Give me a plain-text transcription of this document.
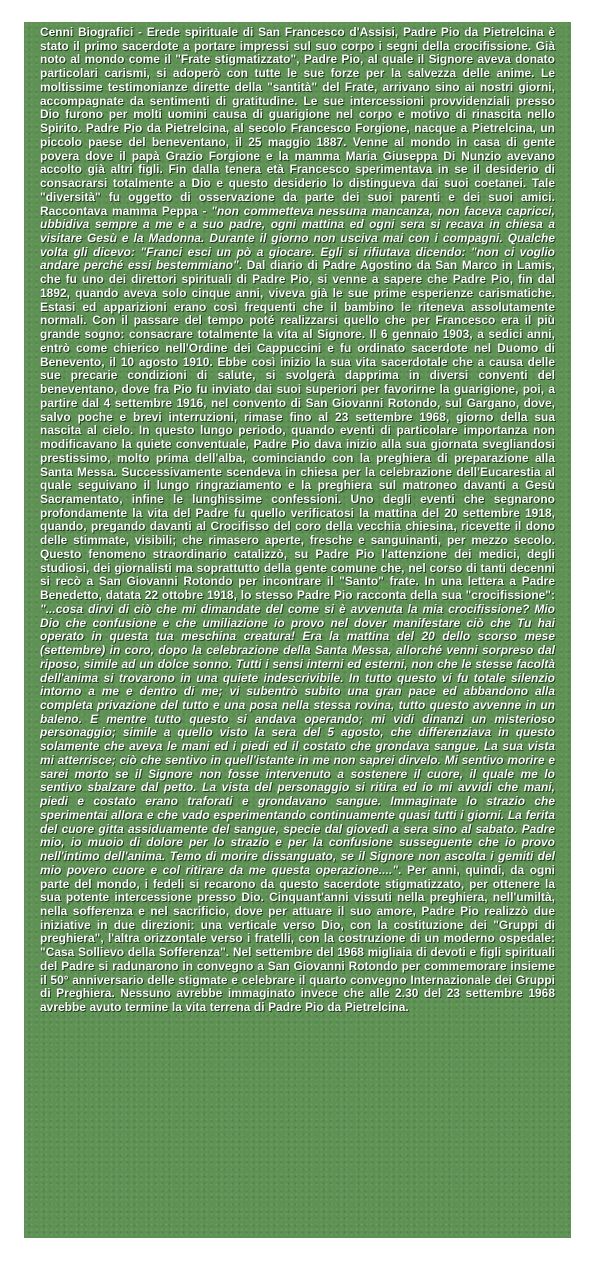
Cenni Biografici - Erede spirituale di San Francesco d'Assisi, Padre Pio da Pietrelcina è stato il primo sacerdote a portare impressi sul suo corpo i segni della crocifissione. Già noto al mondo come il "Frate stigmatizzato", Padre Pio, al quale il Signore aveva donato particolari carismi, si adoperò con tutte le sue forze per la salvezza delle anime. Le moltissime testimonianze dirette della "santità" del Frate, arrivano sino ai nostri giorni, accompagnate da sentimenti di gratitudine. Le sue intercessioni provvidenziali presso Dio furono per molti uomini causa di guarigione nel corpo e motivo di rinascita nello Spirito. Padre Pio da Pietrelcina, al secolo Francesco Forgione, nacque a Pietrelcina, un piccolo paese del beneventano, il 25 maggio 1887. Venne al mondo in casa di gente povera dove il papà Grazio Forgione e la mamma Maria Giuseppa Di Nunzio avevano accolto già altri figli. Fin dalla tenera età Francesco sperimentava in se il desiderio di consacrarsi totalmente a Dio e questo desiderio lo distingueva dai suoi coetanei. Tale "diversità" fu oggetto di osservazione da parte dei suoi parenti e dei suoi amici. Raccontava mamma Peppa - "non commetteva nessuna mancanza, non faceva capricci, ubbidiva sempre a me e a suo padre, ogni mattina ed ogni sera si recava in chiesa a visitare Gesù e la Madonna. Durante il giorno non usciva mai con i compagni. Qualche volta gli dicevo: "Franci esci un pò a giocare. Egli si rifiutava dicendo: "non ci voglio andare perché essi bestemmiano". Dal diario di Padre Agostino da San Marco in Lamis, che fu uno dei direttori spirituali di Padre Pio, si venne a sapere che Padre Pio, fin dal 1892, quando aveva solo cinque anni, viveva già le sue prime esperienze carismatiche. Estasi ed apparizioni erano così frequenti che il bambino le riteneva assolutamente normali. Con il passare del tempo poté realizzarsi quello che per Francesco era il più grande sogno: consacrare totalmente la vita al Signore. Il 6 gennaio 1903, a sedici anni, entrò come chierico nell'Ordine dei Cappuccini e fu ordinato sacerdote nel Duomo di Benevento, il 10 agosto 1910. Ebbe così inizio la sua vita sacerdotale che a causa delle sue precarie condizioni di salute, si svolgerà dapprima in diversi conventi del beneventano, dove fra Pio fu inviato dai suoi superiori per favorirne la guarigione, poi, a partire dal 4 settembre 1916, nel convento di San Giovanni Rotondo, sul Gargano, dove, salvo poche e brevi interruzioni, rimase fino al 23 settembre 1968, giorno della sua nascita al cielo. In questo lungo periodo, quando eventi di particolare importanza non modificavano la quiete conventuale, Padre Pio dava inizio alla sua giornata svegliandosi prestissimo, molto prima dell'alba, cominciando con la preghiera di preparazione alla Santa Messa. Successivamente scendeva in chiesa per la celebrazione dell'Eucarestia al quale seguivano il lungo ringraziamento e la preghiera sul matroneo davanti a Gesù Sacramentato, infine le lunghissime confessioni. Uno degli eventi che segnarono profondamente la vita del Padre fu quello verificatosi la mattina del 20 settembre 1918, quando, pregando davanti al Crocifisso del coro della vecchia chiesina, ricevette il dono delle stimmate, visibili; che rimasero aperte, fresche e sanguinanti, per mezzo secolo. Questo fenomeno straordinario catalizzò, su Padre Pio l'attenzione dei medici, degli studiosi, dei giornalisti ma soprattutto della gente comune che, nel corso di tanti decenni si recò a San Giovanni Rotondo per incontrare il "Santo" frate. In una lettera a Padre Benedetto, datata 22 ottobre 1918, lo stesso Padre Pio racconta della sua "crocifissione": "...cosa dirvi di ciò che mi dimandate del come si è avvenuta la mia crocifissione? Mio Dio che confusione e che umiliazione io provo nel dover manifestare ciò che Tu hai operato in questa tua meschina creatura! Era la mattina del 20 dello scorso mese (settembre) in coro, dopo la celebrazione della Santa Messa, allorché venni sorpreso dal riposo, simile ad un dolce sonno. Tutti i sensi interni ed esterni, non che le stesse facoltà dell'anima si trovarono in una quiete indescrivibile. In tutto questo vi fu totale silenzio intorno a me e dentro di me; vi subentrò subito una gran pace ed abbandono alla completa privazione del tutto e una posa nella stessa rovina, tutto questo avvenne in un baleno. E mentre tutto questo si andava operando; mi vidi dinanzi un misterioso personaggio; simile a quello visto la sera del 5 agosto, che differenziava in questo solamente che aveva le mani ed i piedi ed il costato che grondava sangue. La sua vista mi atterrisce; ciò che sentivo in quell'istante in me non saprei dirvelo. Mi sentivo morire e sarei morto se il Signore non fosse intervenuto a sostenere il cuore, il quale me lo sentivo sbalzare dal petto. La vista del personaggio si ritira ed io mi avvidi che mani, piedi e costato erano traforati e grondavano sangue. Immaginate lo strazio che sperimentai allora e che vado esperimentando continuamente quasi tutti i giorni. La ferita del cuore gitta assiduamente del sangue, specie dal giovedì a sera sino al sabato. Padre mio, io muoio di dolore per lo strazio e per la confusione susseguente che io provo nell'intimo dell'anima. Temo di morire dissanguato, se il Signore non ascolta i gemiti del mio povero cuore e col ritirare da me questa operazione....". Per anni, quindi, da ogni parte del mondo, i fedeli si recarono da questo sacerdote stigmatizzato, per ottenere la sua potente intercessione presso Dio. Cinquant'anni vissuti nella preghiera, nell'umiltà, nella sofferenza e nel sacrificio, dove per attuare il suo amore, Padre Pio realizzò due iniziative in due direzioni: una verticale verso Dio, con la costituzione dei "Gruppi di preghiera", l'altra orizzontale verso i fratelli, con la costruzione di un moderno ospedale: "Casa Sollievo della Sofferenza". Nel settembre del 1968 migliaia di devoti e figli spirituali del Padre si radunarono in convegno a San Giovanni Rotondo per commemorare insieme il 50° anniversario delle stigmate e celebrare il quarto convegno Internazionale dei Gruppi di Preghiera. Nessuno avrebbe immaginato invece che alle 2.30 del 23 settembre 1968 avrebbe avuto termine la vita terrena di Padre Pio da Pietrelcina.
